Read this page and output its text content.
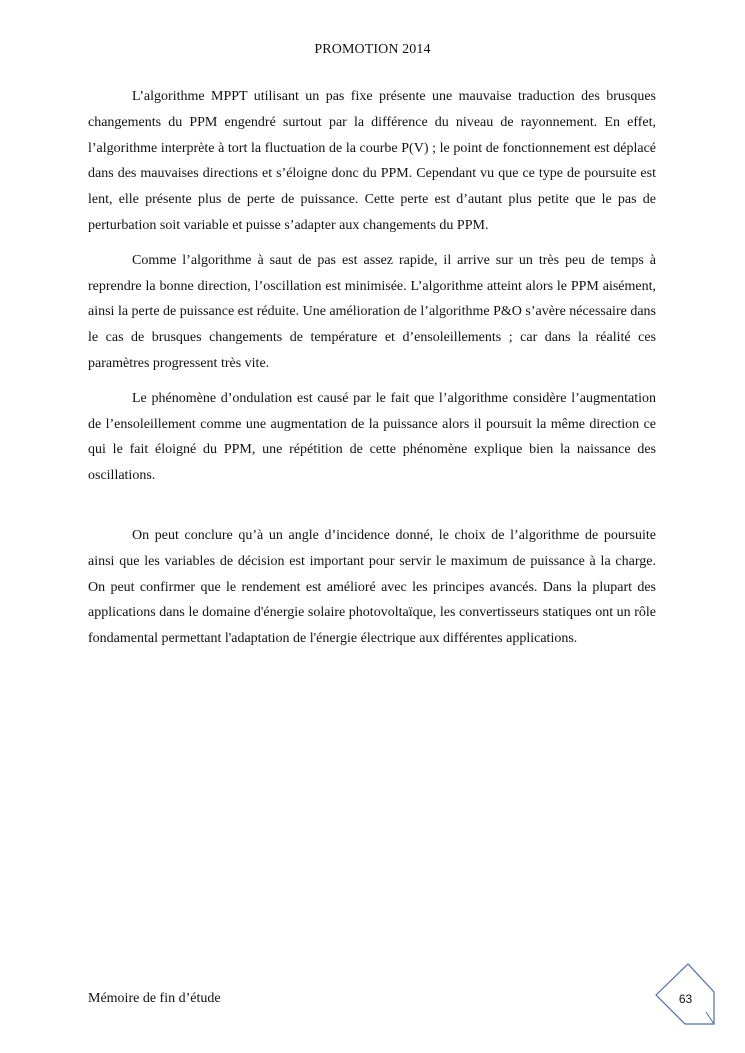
PROMOTION 2014

L’algorithme MPPT utilisant un pas fixe présente une mauvaise traduction des brusques changements du PPM engendré surtout par la différence du niveau de rayonnement. En effet, l’algorithme interprète à tort la fluctuation de la courbe P(V) ; le point de fonctionnement est déplacé dans des mauvaises directions et s’éloigne donc du PPM. Cependant vu que ce type de poursuite est lent, elle présente plus de perte de puissance. Cette perte est d’autant plus petite que le pas de perturbation soit variable et puisse s’adapter aux changements du PPM.

Comme l’algorithme à saut de pas est assez rapide, il arrive sur un très peu de temps à reprendre la bonne direction, l’oscillation est minimisée. L’algorithme atteint alors le PPM aisément, ainsi la perte de puissance est réduite. Une amélioration de l’algorithme P&O s’avère nécessaire dans le cas de brusques changements de température et d’ensoleillements ; car dans la réalité ces paramètres progressent très vite.

Le phénomène d’ondulation est causé par le fait que l’algorithme considère l’augmentation de l’ensoleillement comme une augmentation de la puissance alors il poursuit la même direction ce qui le fait éloigné du PPM, une répétition de cette phénomène explique bien la naissance des oscillations.

On peut conclure qu’à un angle d’incidence donné, le choix de l’algorithme de poursuite ainsi que les variables de décision est important pour servir le maximum de puissance à la charge. On peut confirmer que le rendement est amélioré avec les principes avancés. Dans la plupart des applications dans le domaine d'énergie solaire photovoltaïque, les convertisseurs statiques ont un rôle fondamental permettant l'adaptation de l'énergie électrique aux différentes applications.

Mémoire de fin d’étude	63
